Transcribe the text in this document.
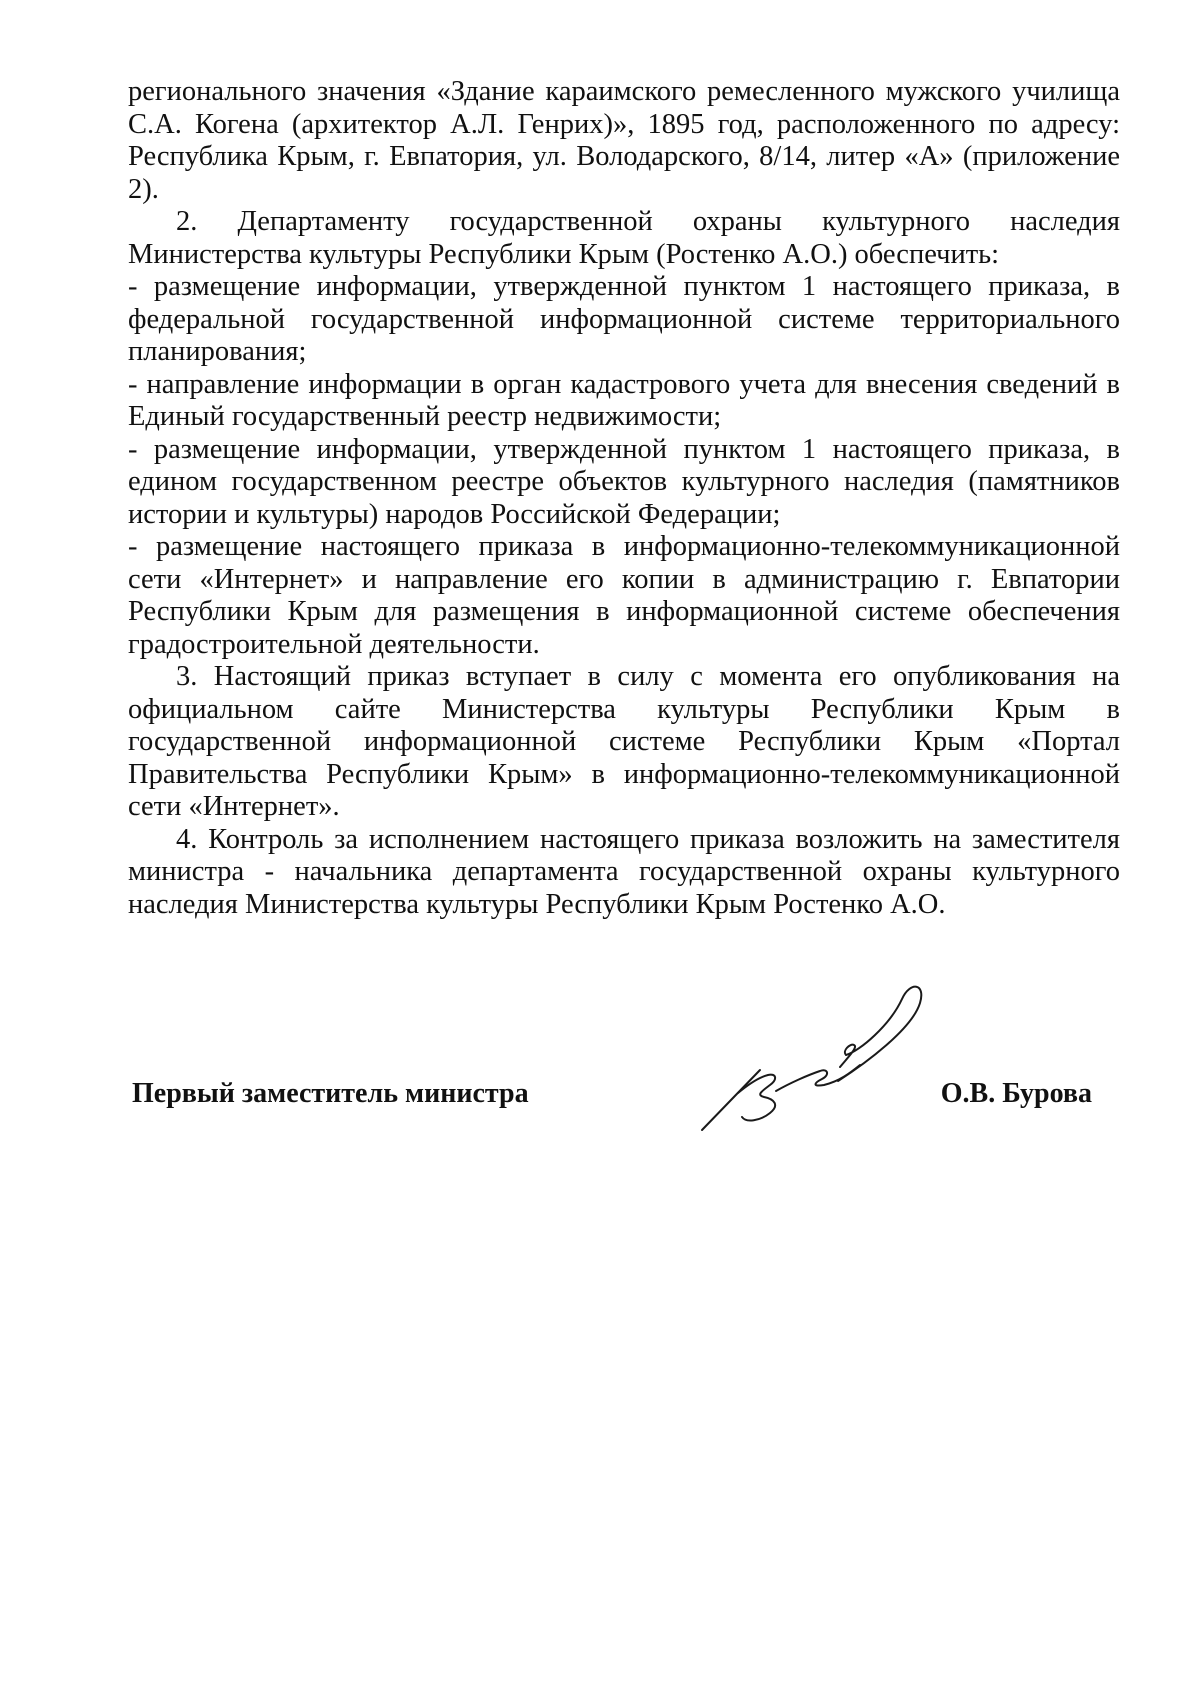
регионального значения «Здание караимского ремесленного мужского училища С.А. Когена (архитектор А.Л. Генрих)», 1895 год, расположенного по адресу: Республика Крым, г. Евпатория, ул. Володарского, 8/14, литер «А» (приложение 2).

2. Департаменту государственной охраны культурного наследия Министерства культуры Республики Крым (Ростенко А.О.) обеспечить:

- размещение информации, утвержденной пунктом 1 настоящего приказа, в федеральной государственной информационной системе территориального планирования;

- направление информации в орган кадастрового учета для внесения сведений в Единый государственный реестр недвижимости;

- размещение информации, утвержденной пунктом 1 настоящего приказа, в едином государственном реестре объектов культурного наследия (памятников истории и культуры) народов Российской Федерации;

- размещение настоящего приказа в информационно-телекоммуникационной сети «Интернет» и направление его копии в администрацию г. Евпатории Республики Крым для размещения в информационной системе обеспечения градостроительной деятельности.

3. Настоящий приказ вступает в силу с момента его опубликования на официальном сайте Министерства культуры Республики Крым в государственной информационной системе Республики Крым «Портал Правительства Республики Крым» в информационно-телекоммуникационной сети «Интернет».

4. Контроль за исполнением настоящего приказа возложить на заместителя министра - начальника департамента государственной охраны культурного наследия Министерства культуры Республики Крым Ростенко А.О.

Первый заместитель министра	О.В. Бурова
